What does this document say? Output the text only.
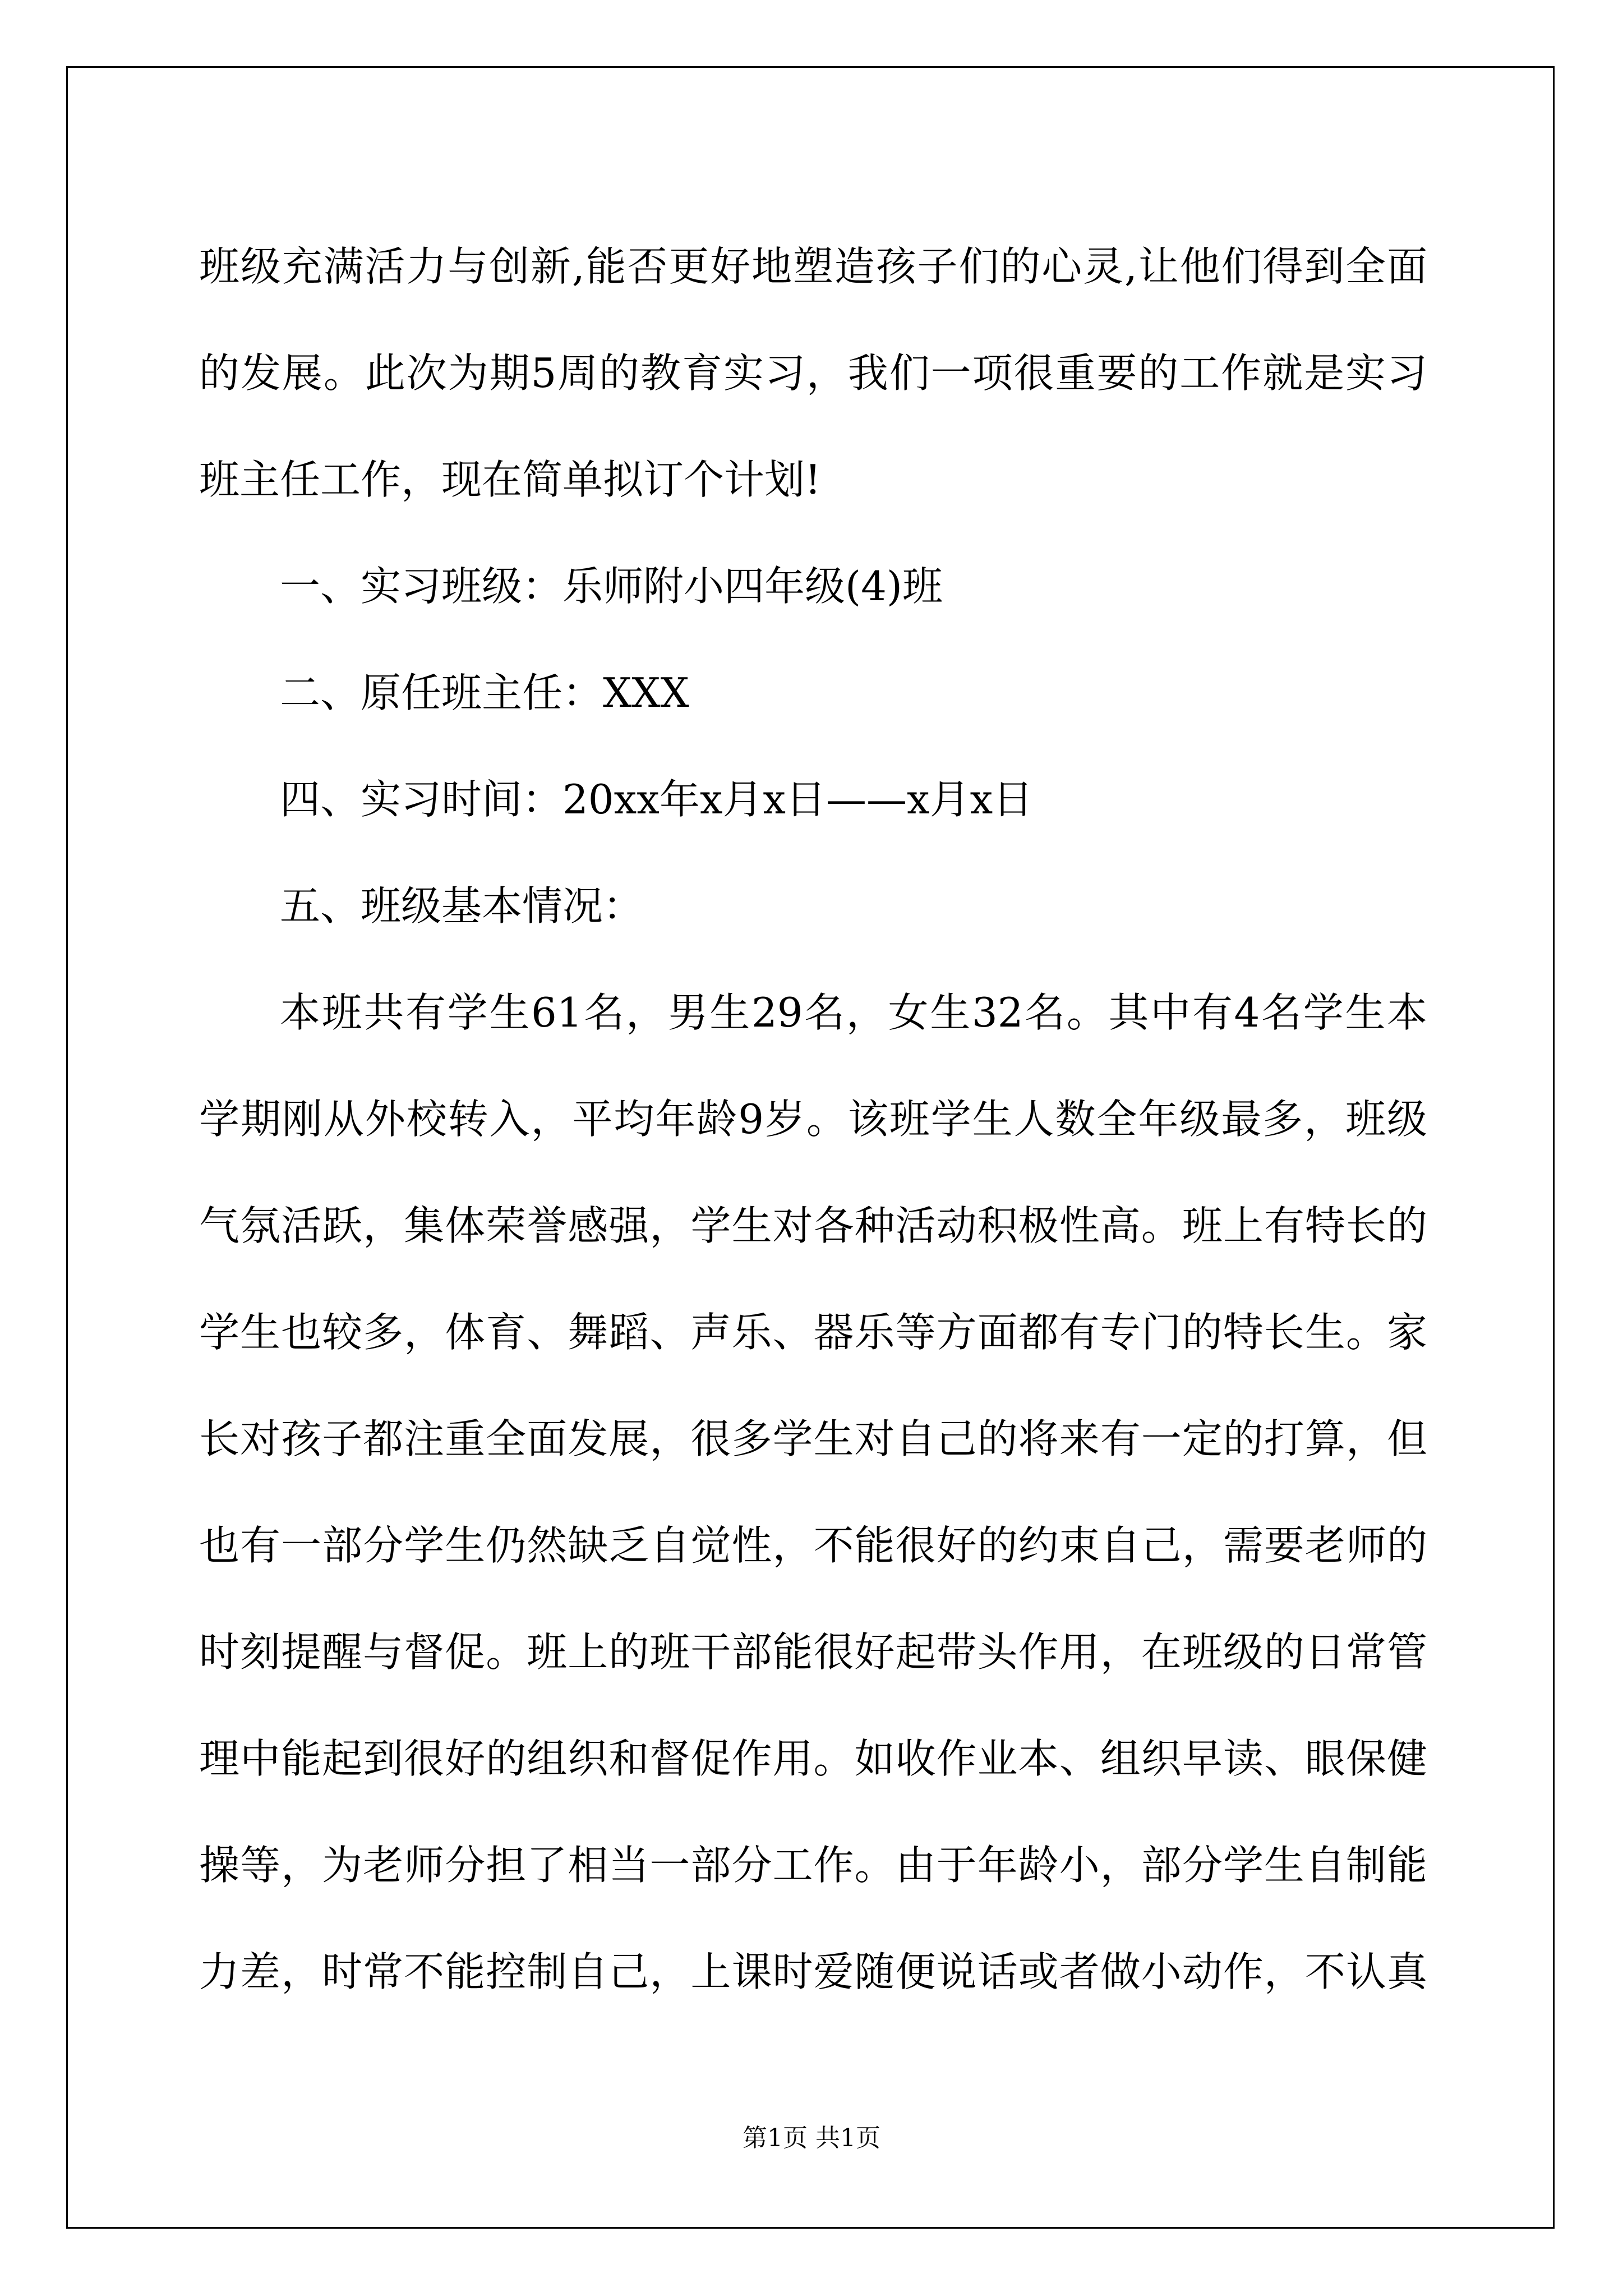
班级充满活力与创新,能否更好地塑造孩子们的心灵,让他们得到全面
的发展。此次为期5周的教育实习，我们一项很重要的工作就是实习
班主任工作，现在简单拟订个计划!
一、实习班级：乐师附小四年级(4)班
二、原任班主任：XXX
四、实习时间：20xx年x月x日——x月x日
五、班级基本情况：
本班共有学生61名，男生29名，女生32名。其中有4名学生本
学期刚从外校转入，平均年龄9岁。该班学生人数全年级最多，班级
气氛活跃，集体荣誉感强，学生对各种活动积极性高。班上有特长的
学生也较多，体育、舞蹈、声乐、器乐等方面都有专门的特长生。家
长对孩子都注重全面发展，很多学生对自己的将来有一定的打算，但
也有一部分学生仍然缺乏自觉性，不能很好的约束自己，需要老师的
时刻提醒与督促。班上的班干部能很好起带头作用，在班级的日常管
理中能起到很好的组织和督促作用。如收作业本、组织早读、眼保健
操等，为老师分担了相当一部分工作。由于年龄小，部分学生自制能
力差，时常不能控制自己，上课时爱随便说话或者做小动作，不认真
第1页 共1页
